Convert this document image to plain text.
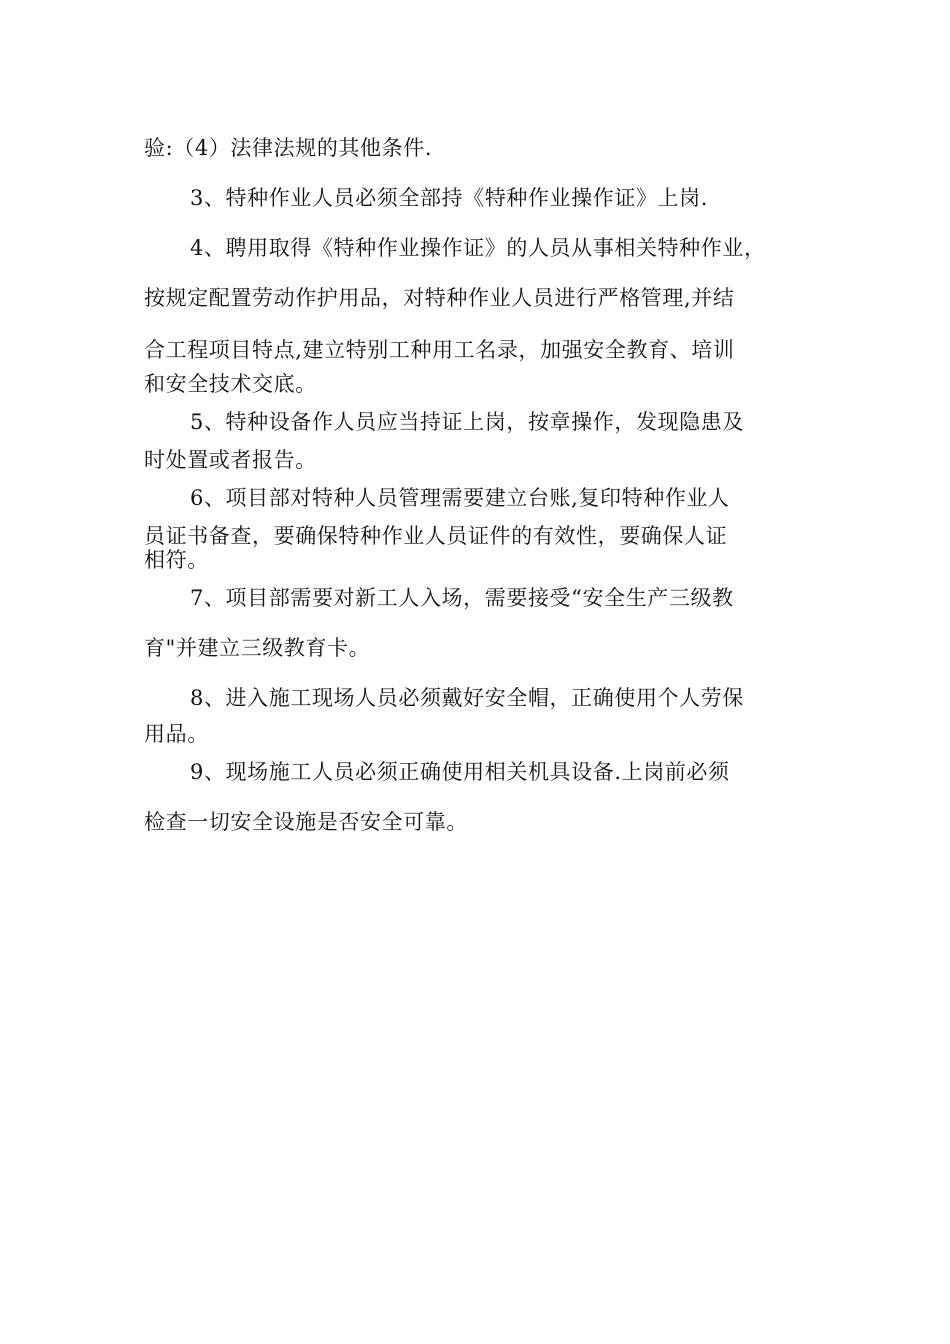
验:（4）法律法规的其他条件.
3、特种作业人员必须全部持《特种作业操作证》上岗.
4、聘用取得《特种作业操作证》的人员从事相关特种作业，
按规定配置劳动作护用品，对特种作业人员进行严格管理,并结
合工程项目特点,建立特别工种用工名录，加强安全教育、培训
和安全技术交底。
5、特种设备作人员应当持证上岗，按章操作，发现隐患及
时处置或者报告。
6、项目部对特种人员管理需要建立台账,复印特种作业人
员证书备查，要确保特种作业人员证件的有效性，要确保人证
相符。
7、项目部需要对新工人入场，需要接受“安全生产三级教
育"并建立三级教育卡。
8、进入施工现场人员必须戴好安全帽，正确使用个人劳保
用品。
9、现场施工人员必须正确使用相关机具设备.上岗前必须
检查一切安全设施是否安全可靠。
